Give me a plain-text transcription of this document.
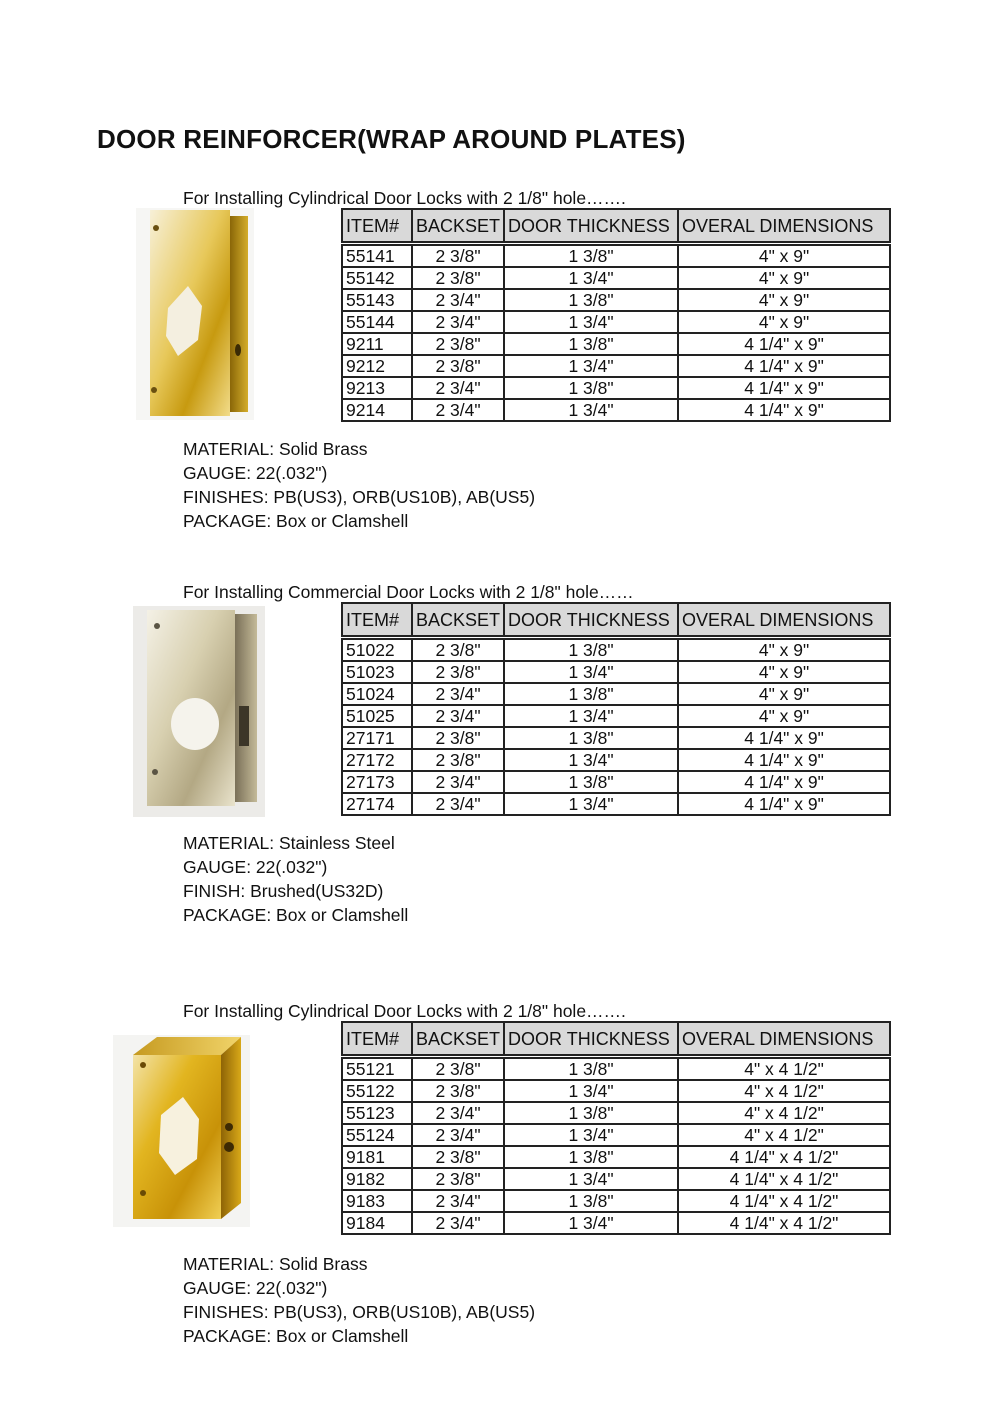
DOOR REINFORCER(WRAP AROUND PLATES)
For Installing Cylindrical Door Locks with 2 1/8" hole…….
ITEM#	BACKSET	DOOR THICKNESS	OVERAL DIMENSIONS
55141	2 3/8"	1 3/8"	4" x 9"
55142	2 3/8"	1 3/4"	4" x 9"
55143	2 3/4"	1 3/8"	4" x 9"
55144	2 3/4"	1 3/4"	4" x 9"
9211	2 3/8"	1 3/8"	4 1/4" x 9"
9212	2 3/8"	1 3/4"	4 1/4" x 9"
9213	2 3/4"	1 3/8"	4 1/4" x 9"
9214	2 3/4"	1 3/4"	4 1/4" x 9"
MATERIAL: Solid Brass
GAUGE: 22(.032")
FINISHES: PB(US3), ORB(US10B), AB(US5)
PACKAGE: Box or Clamshell
For Installing Commercial Door Locks with 2 1/8" hole……
ITEM#	BACKSET	DOOR THICKNESS	OVERAL DIMENSIONS
51022	2 3/8"	1 3/8"	4" x 9"
51023	2 3/8"	1 3/4"	4" x 9"
51024	2 3/4"	1 3/8"	4" x 9"
51025	2 3/4"	1 3/4"	4" x 9"
27171	2 3/8"	1 3/8"	4 1/4" x 9"
27172	2 3/8"	1 3/4"	4 1/4" x 9"
27173	2 3/4"	1 3/8"	4 1/4" x 9"
27174	2 3/4"	1 3/4"	4 1/4" x 9"
MATERIAL: Stainless Steel
GAUGE: 22(.032")
FINISH: Brushed(US32D)
PACKAGE: Box or Clamshell
For Installing Cylindrical Door Locks with 2 1/8" hole…….
ITEM#	BACKSET	DOOR THICKNESS	OVERAL DIMENSIONS
55121	2 3/8"	1 3/8"	4" x 4 1/2"
55122	2 3/8"	1 3/4"	4" x 4 1/2"
55123	2 3/4"	1 3/8"	4" x 4 1/2"
55124	2 3/4"	1 3/4"	4" x 4 1/2"
9181	2 3/8"	1 3/8"	4 1/4" x 4 1/2"
9182	2 3/8"	1 3/4"	4 1/4" x 4 1/2"
9183	2 3/4"	1 3/8"	4 1/4" x 4 1/2"
9184	2 3/4"	1 3/4"	4 1/4" x 4 1/2"
MATERIAL: Solid Brass
GAUGE: 22(.032")
FINISHES: PB(US3), ORB(US10B), AB(US5)
PACKAGE: Box or Clamshell
